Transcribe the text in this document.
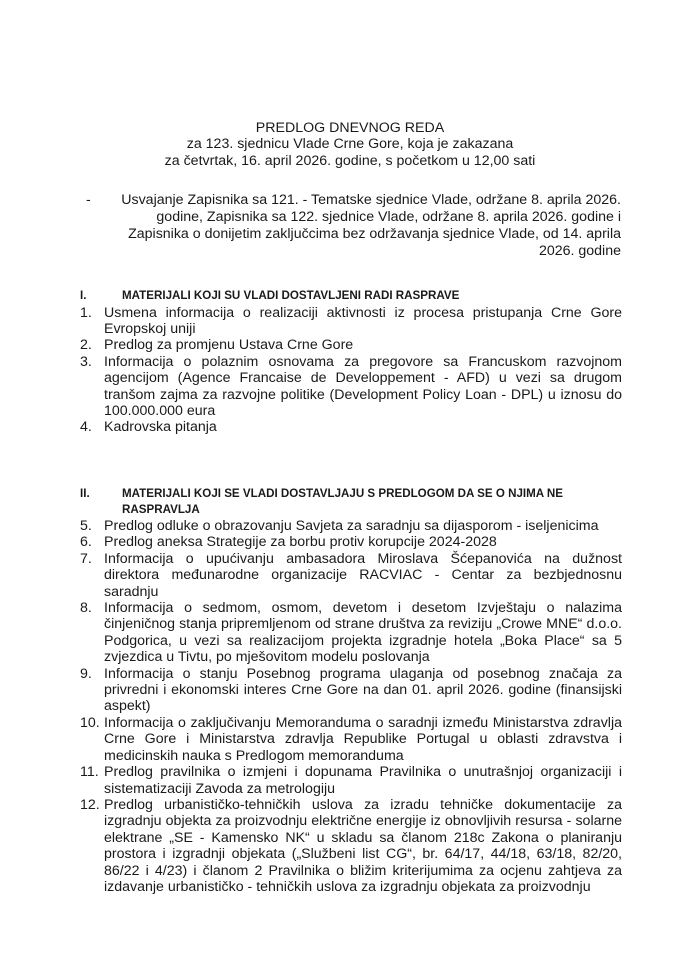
PREDLOG DNEVNOG REDA
za 123. sjednicu Vlade Crne Gore, koja je zakazana
za četvrtak, 16. april 2026. godine, s početkom u 12,00 sati
- Usvajanje Zapisnika sa 121. - Tematske sjednice Vlade, održane 8. aprila 2026. godine, Zapisnika sa 122. sjednice Vlade, održane 8. aprila 2026. godine i Zapisnika o donijetim zaključcima bez održavanja sjednice Vlade, od 14. aprila 2026. godine
I.	MATERIJALI KOJI SU VLADI DOSTAVLJENI RADI RASPRAVE
1. Usmena informacija o realizaciji aktivnosti iz procesa pristupanja Crne Gore Evropskoj uniji
2. Predlog za promjenu Ustava Crne Gore
3. Informacija o polaznim osnovama za pregovore sa Francuskom razvojnom agencijom (Agence Francaise de Developpement - AFD) u vezi sa drugom tranšom zajma za razvojne politike (Development Policy Loan - DPL) u iznosu do 100.000.000 eura
4. Kadrovska pitanja
II.	MATERIJALI KOJI SE VLADI DOSTAVLJAJU S PREDLOGOM DA SE O NJIMA NE RASPRAVLJA
5. Predlog odluke o obrazovanju Savjeta za saradnju sa dijasporom - iseljenicima
6. Predlog aneksa Strategije za borbu protiv korupcije 2024-2028
7. Informacija o upućivanju ambasadora Miroslava Šćepanovića na dužnost direktora međunarodne organizacije RACVIAC - Centar za bezbjednosnu saradnju
8. Informacija o sedmom, osmom, devetom i desetom Izvještaju o nalazima činjeničnog stanja pripremljenom od strane društva za reviziju „Crowe MNE“ d.o.o. Podgorica, u vezi sa realizacijom projekta izgradnje hotela „Boka Place“ sa 5 zvjezdica u Tivtu, po mješovitom modelu poslovanja
9. Informacija o stanju Posebnog programa ulaganja od posebnog značaja za privredni i ekonomski interes Crne Gore na dan 01. april 2026. godine (finansijski aspekt)
10. Informacija o zaključivanju Memoranduma o saradnji između Ministarstva zdravlja Crne Gore i Ministarstva zdravlja Republike Portugal u oblasti zdravstva i medicinskih nauka s Predlogom memoranduma
11. Predlog pravilnika o izmjeni i dopunama Pravilnika o unutrašnjoj organizaciji i sistematizaciji Zavoda za metrologiju
12. Predlog urbanističko-tehničkih uslova za izradu tehničke dokumentacije za izgradnju objekta za proizvodnju električne energije iz obnovljivih resursa - solarne elektrane „SE - Kamensko NK“ u skladu sa članom 218c Zakona o planiranju prostora i izgradnji objekata („Službeni list CG“, br. 64/17, 44/18, 63/18, 82/20, 86/22 i 4/23) i članom 2 Pravilnika o bližim kriterijumima za ocjenu zahtjeva za izdavanje urbanističko - tehničkih uslova za izgradnju objekata za proizvodnju
